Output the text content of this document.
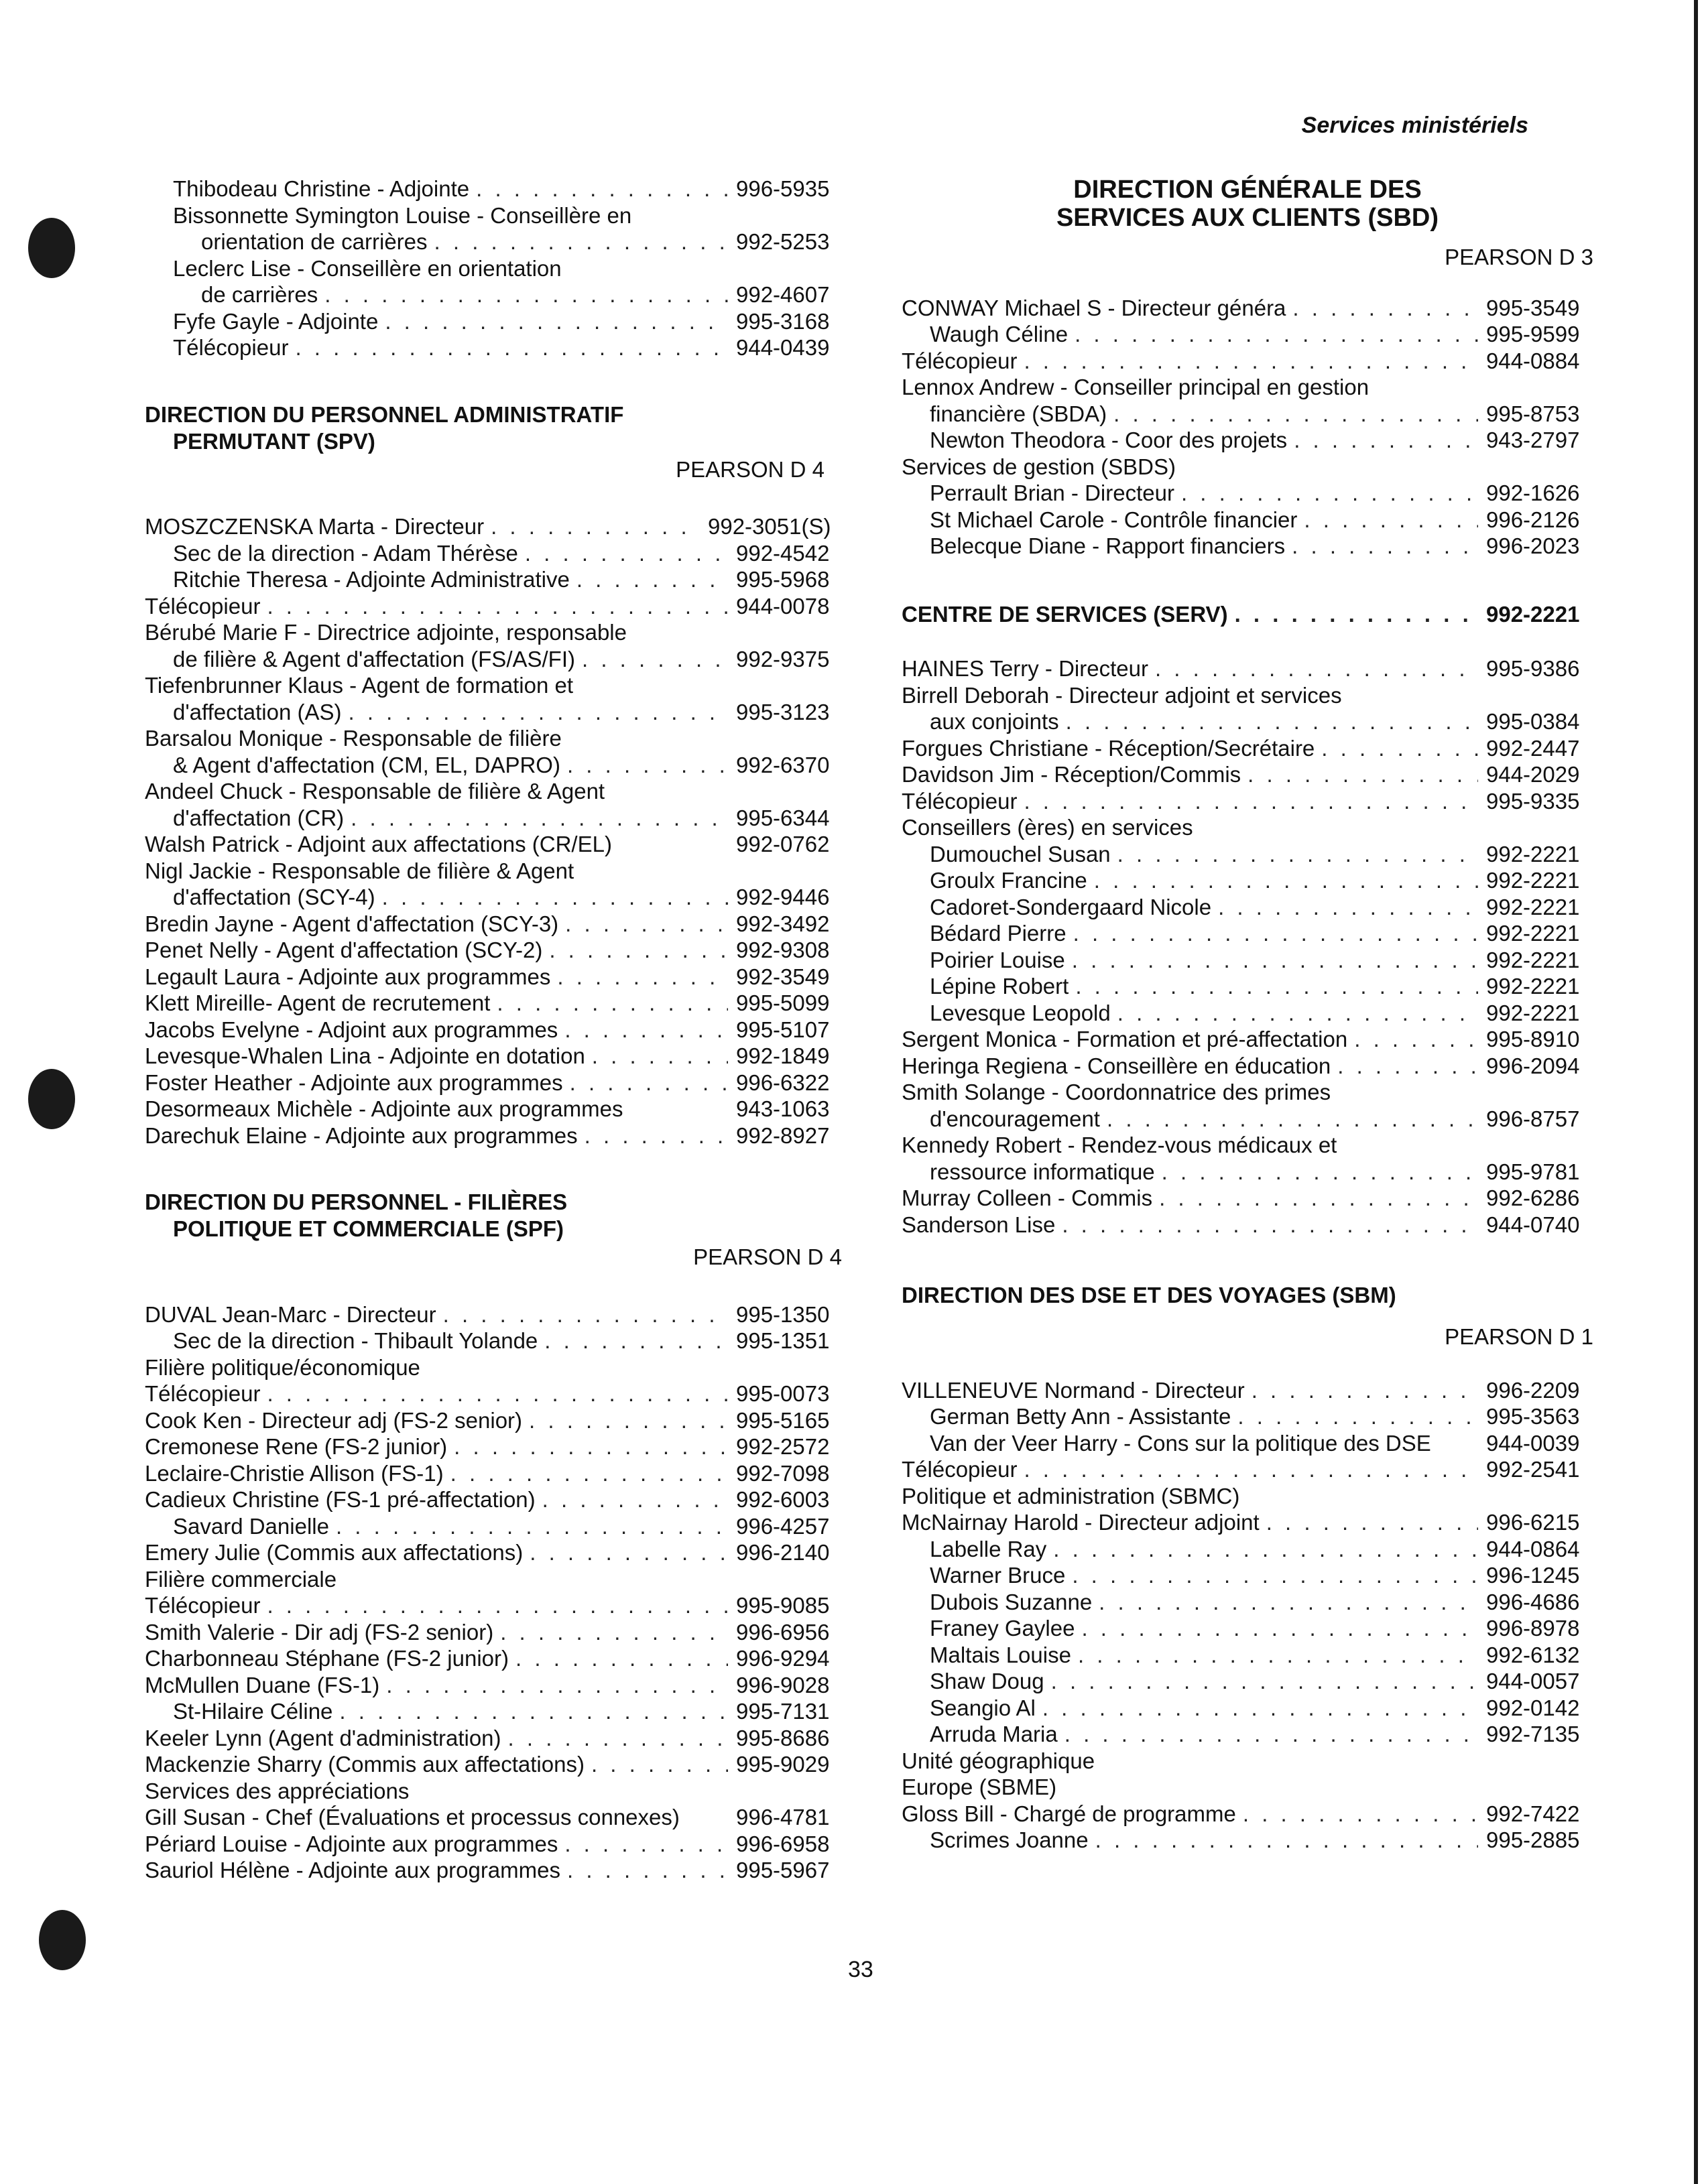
Services ministériels
Thibodeau Christine - Adjointe . . .	996-5935
Bissonnette Symington Louise - Conseillère en
orientation de carrières . . .	992-5253
Leclerc Lise - Conseillère en orientation
de carrières . . .	992-4607
Fyfe Gayle - Adjointe . . .	995-3168
Télécopieur . . .	944-0439
DIRECTION DU PERSONNEL ADMINISTRATIF
PERMUTANT (SPV)
PEARSON D 4
MOSZCZENSKA Marta - Directeur . . .	992-3051(S)
Sec de la direction - Adam Thérèse . . .	992-4542
Ritchie Theresa - Adjointe Administrative . . .	995-5968
Télécopieur . . .	944-0078
Bérubé Marie F - Directrice adjointe, responsable
de filière & Agent d'affectation (FS/AS/FI) . . .	992-9375
Tiefenbrunner Klaus - Agent de formation et
d'affectation (AS) . . .	995-3123
Barsalou Monique - Responsable de filière
& Agent d'affectation (CM, EL, DAPRO) . . .	992-6370
Andeel Chuck - Responsable de filière & Agent
d'affectation (CR) . . .	995-6344
Walsh Patrick - Adjoint aux affectations (CR/EL)	992-0762
Nigl Jackie - Responsable de filière & Agent
d'affectation (SCY-4) . . .	992-9446
Bredin Jayne - Agent d'affectation (SCY-3) . . .	992-3492
Penet Nelly - Agent d'affectation (SCY-2) . . .	992-9308
Legault Laura - Adjointe aux programmes . . .	992-3549
Klett Mireille- Agent de recrutement . . .	995-5099
Jacobs Evelyne - Adjoint aux programmes . . .	995-5107
Levesque-Whalen Lina - Adjointe en dotation . . .	992-1849
Foster Heather - Adjointe aux programmes . . .	996-6322
Desormeaux Michèle - Adjointe aux programmes	943-1063
Darechuk Elaine - Adjointe aux programmes . . .	992-8927
DIRECTION DU PERSONNEL - FILIÈRES
POLITIQUE ET COMMERCIALE (SPF)
PEARSON D 4
DUVAL Jean-Marc - Directeur . . .	995-1350
Sec de la direction - Thibault Yolande . . .	995-1351
Filière politique/économique
Télécopieur . . .	995-0073
Cook Ken - Directeur adj (FS-2 senior) . . .	995-5165
Cremonese Rene (FS-2 junior) . . .	992-2572
Leclaire-Christie Allison (FS-1) . . .	992-7098
Cadieux Christine (FS-1 pré-affectation) . . .	992-6003
Savard Danielle . . .	996-4257
Emery Julie (Commis aux affectations) . . .	996-2140
Filière commerciale
Télécopieur . . .	995-9085
Smith Valerie - Dir adj (FS-2 senior) . . .	996-6956
Charbonneau Stéphane (FS-2 junior) . . .	996-9294
McMullen Duane (FS-1) . . .	996-9028
St-Hilaire Céline . . .	995-7131
Keeler Lynn (Agent d'administration) . . .	995-8686
Mackenzie Sharry (Commis aux affectations) . . .	995-9029
Services des appréciations
Gill Susan - Chef (Évaluations et processus connexes)	996-4781
Périard Louise - Adjointe aux programmes . . .	996-6958
Sauriol Hélène - Adjointe aux programmes . . .	995-5967
DIRECTION GÉNÉRALE DES
SERVICES AUX CLIENTS (SBD)
PEARSON D 3
CONWAY Michael S - Directeur généra . . .	995-3549
Waugh Céline . . .	995-9599
Télécopieur . . .	944-0884
Lennox Andrew - Conseiller principal en gestion
financière (SBDA) . . .	995-8753
Newton Theodora - Coor des projets . . .	943-2797
Services de gestion (SBDS)
Perrault Brian - Directeur . . .	992-1626
St Michael Carole - Contrôle financier . . .	996-2126
Belecque Diane - Rapport financiers . . .	996-2023
CENTRE DE SERVICES (SERV) . . .	992-2221
HAINES Terry - Directeur . . .	995-9386
Birrell Deborah - Directeur adjoint et services
aux conjoints . . .	995-0384
Forgues Christiane - Réception/Secrétaire . . .	992-2447
Davidson Jim - Réception/Commis . . .	944-2029
Télécopieur . . .	995-9335
Conseillers (ères) en services
Dumouchel Susan . . .	992-2221
Groulx Francine . . .	992-2221
Cadoret-Sondergaard Nicole . . .	992-2221
Bédard Pierre . . .	992-2221
Poirier Louise . . .	992-2221
Lépine Robert . . .	992-2221
Levesque Leopold . . .	992-2221
Sergent Monica - Formation et pré-affectation . . .	995-8910
Heringa Regiena - Conseillère en éducation . . .	996-2094
Smith Solange - Coordonnatrice des primes
d'encouragement . . .	996-8757
Kennedy Robert - Rendez-vous médicaux et
ressource informatique . . .	995-9781
Murray Colleen - Commis . . .	992-6286
Sanderson Lise . . .	944-0740
DIRECTION DES DSE ET DES VOYAGES (SBM)
PEARSON D 1
VILLENEUVE Normand - Directeur . . .	996-2209
German Betty Ann - Assistante . . .	995-3563
Van der Veer Harry - Cons sur la politique des DSE 944-0039
Télécopieur . . .	992-2541
Politique et administration (SBMC)
McNairnay Harold - Directeur adjoint . . .	996-6215
Labelle Ray . . .	944-0864
Warner Bruce . . .	996-1245
Dubois Suzanne . . .	996-4686
Franey Gaylee . . .	996-8978
Maltais Louise . . .	992-6132
Shaw Doug . . .	944-0057
Seangio Al . . .	992-0142
Arruda Maria . . .	992-7135
Unité géographique
Europe (SBME)
Gloss Bill - Chargé de programme . . .	992-7422
Scrimes Joanne . . .	995-2885
33
